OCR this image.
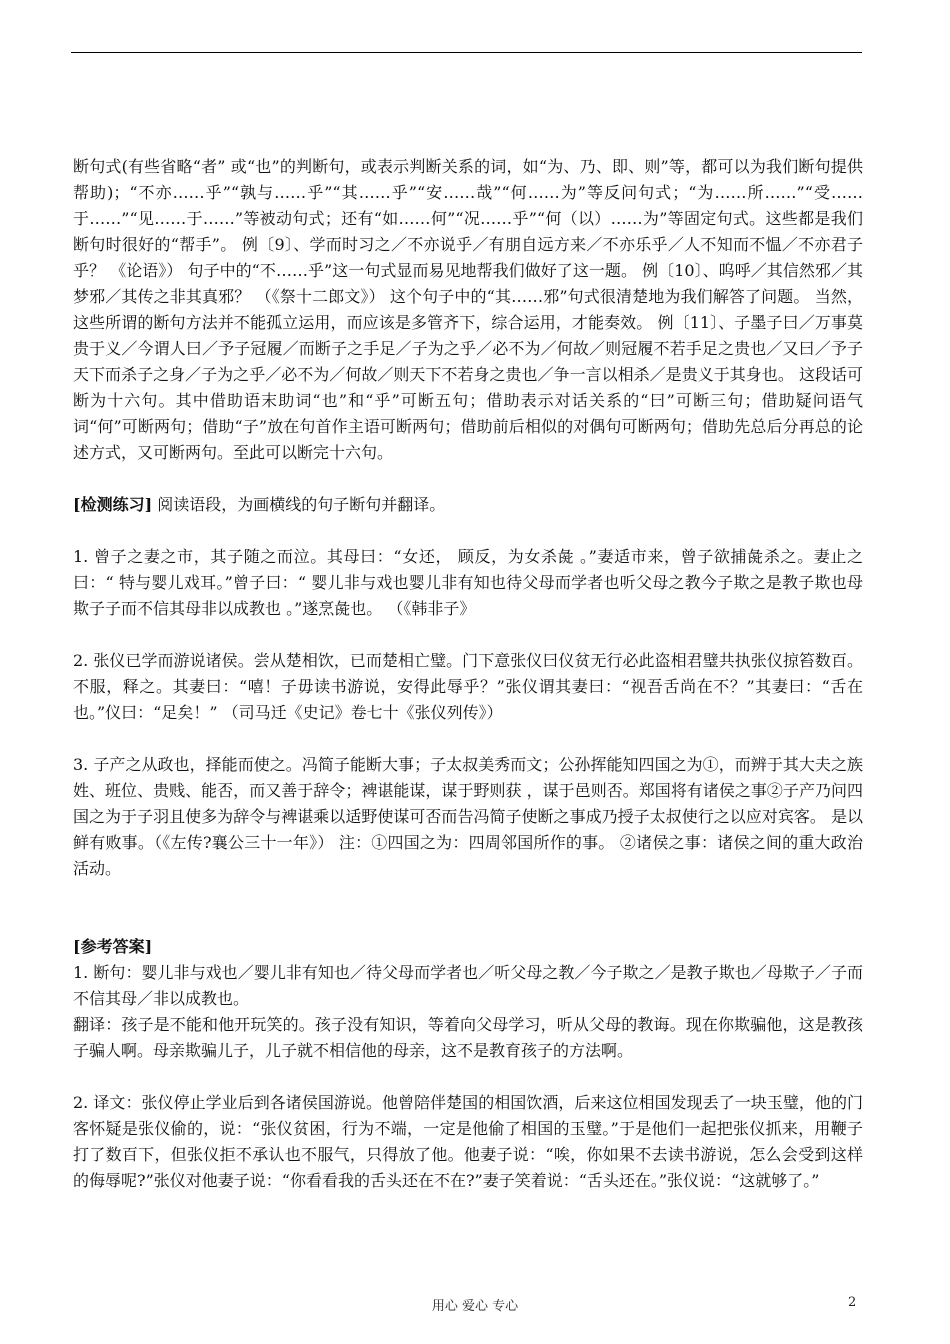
断句式(有些省略“者” 或“也”的判断句，或表示判断关系的词，如“为、乃、即、则”等，都可以为我们断句提供帮助)；“不亦……乎”“孰与……乎”“其……乎”“安……哉”“何……为”等反问句式；“为……所……”“受……于……”“见……于……”等被动句式；还有“如……何”“况……乎”“何（以）……为”等固定句式。这些都是我们断句时很好的“帮手”。 例〔9〕、学而时习之／不亦说乎／有朋自远方来／不亦乐乎／人不知而不愠／不亦君子乎？ 《论语》） 句子中的“不……乎”这一句式显而易见地帮我们做好了这一题。 例〔10〕、呜呼／其信然邪／其梦邪／其传之非其真邪？ （《祭十二郎文》） 这个句子中的“其……邪”句式很清楚地为我们解答了问题。 当然，这些所谓的断句方法并不能孤立运用，而应该是多管齐下，综合运用，才能奏效。 例〔11〕、子墨子曰／万事莫贵于义／今谓人曰／予子冠履／而断子之手足／子为之乎／必不为／何故／则冠履不若手足之贵也／又曰／予子天下而杀子之身／子为之乎／必不为／何故／则天下不若身之贵也／争一言以相杀／是贵义于其身也。 这段话可断为十六句。其中借助语末助词“也”和“乎”可断五句；借助表示对话关系的“曰”可断三句；借助疑问语气词“何”可断两句；借助“子”放在句首作主语可断两句；借助前后相似的对偶句可断两句；借助先总后分再总的论述方式，又可断两句。至此可以断完十六句。

[检测练习] 阅读语段，为画横线的句子断句并翻译。

1. 曾子之妻之市，其子随之而泣。其母曰：“女还， 顾反，为女杀彘 。”妻适市来，曾子欲捕彘杀之。妻止之曰：“ 特与婴儿戏耳。”曾子曰：“ 婴儿非与戏也婴儿非有知也待父母而学者也听父母之教今子欺之是教子欺也母欺子子而不信其母非以成教也 。”遂烹彘也。 （《韩非子》

2. 张仪已学而游说诸侯。尝从楚相饮，已而楚相亡璧。门下意张仪曰仪贫无行必此盗相君璧共执张仪掠笞数百。不服，释之。其妻曰：“嘻！子毋读书游说，安得此辱乎？”张仪谓其妻曰：“视吾舌尚在不？”其妻曰：“舌在也。”仪曰：“足矣！” （司马迁《史记》卷七十《张仪列传》）

3. 子产之从政也，择能而使之。冯简子能断大事；子太叔美秀而文；公孙挥能知四国之为①，而辨于其大夫之族姓、班位、贵贱、能否，而又善于辞令；裨谌能谋，谋于野则获 ，谋于邑则否。郑国将有诸侯之事②子产乃问四国之为于子羽且使多为辞令与裨谌乘以适野使谋可否而告冯简子使断之事成乃授子太叔使行之以应对宾客。 是以鲜有败事。（《左传?襄公三十一年》） 注：①四国之为：四周邻国所作的事。 ②诸侯之事：诸侯之间的重大政治活动。

[参考答案]

1. 断句：婴儿非与戏也／婴儿非有知也／待父母而学者也／听父母之教／今子欺之／是教子欺也／母欺子／子而不信其母／非以成教也。

翻译：孩子是不能和他开玩笑的。孩子没有知识，等着向父母学习，听从父母的教诲。现在你欺骗他，这是教孩子骗人啊。母亲欺骗儿子，儿子就不相信他的母亲，这不是教育孩子的方法啊。

2. 译文：张仪停止学业后到各诸侯国游说。他曾陪伴楚国的相国饮酒，后来这位相国发现丢了一块玉璧，他的门客怀疑是张仪偷的，说：“张仪贫困，行为不端，一定是他偷了相国的玉璧。”于是他们一起把张仪抓来，用鞭子打了数百下，但张仪拒不承认也不服气，只得放了他。他妻子说：“唉，你如果不去读书游说，怎么会受到这样的侮辱呢?”张仪对他妻子说：“你看看我的舌头还在不在?”妻子笑着说：“舌头还在。”张仪说：“这就够了。”

用心 爱心 专心	2
